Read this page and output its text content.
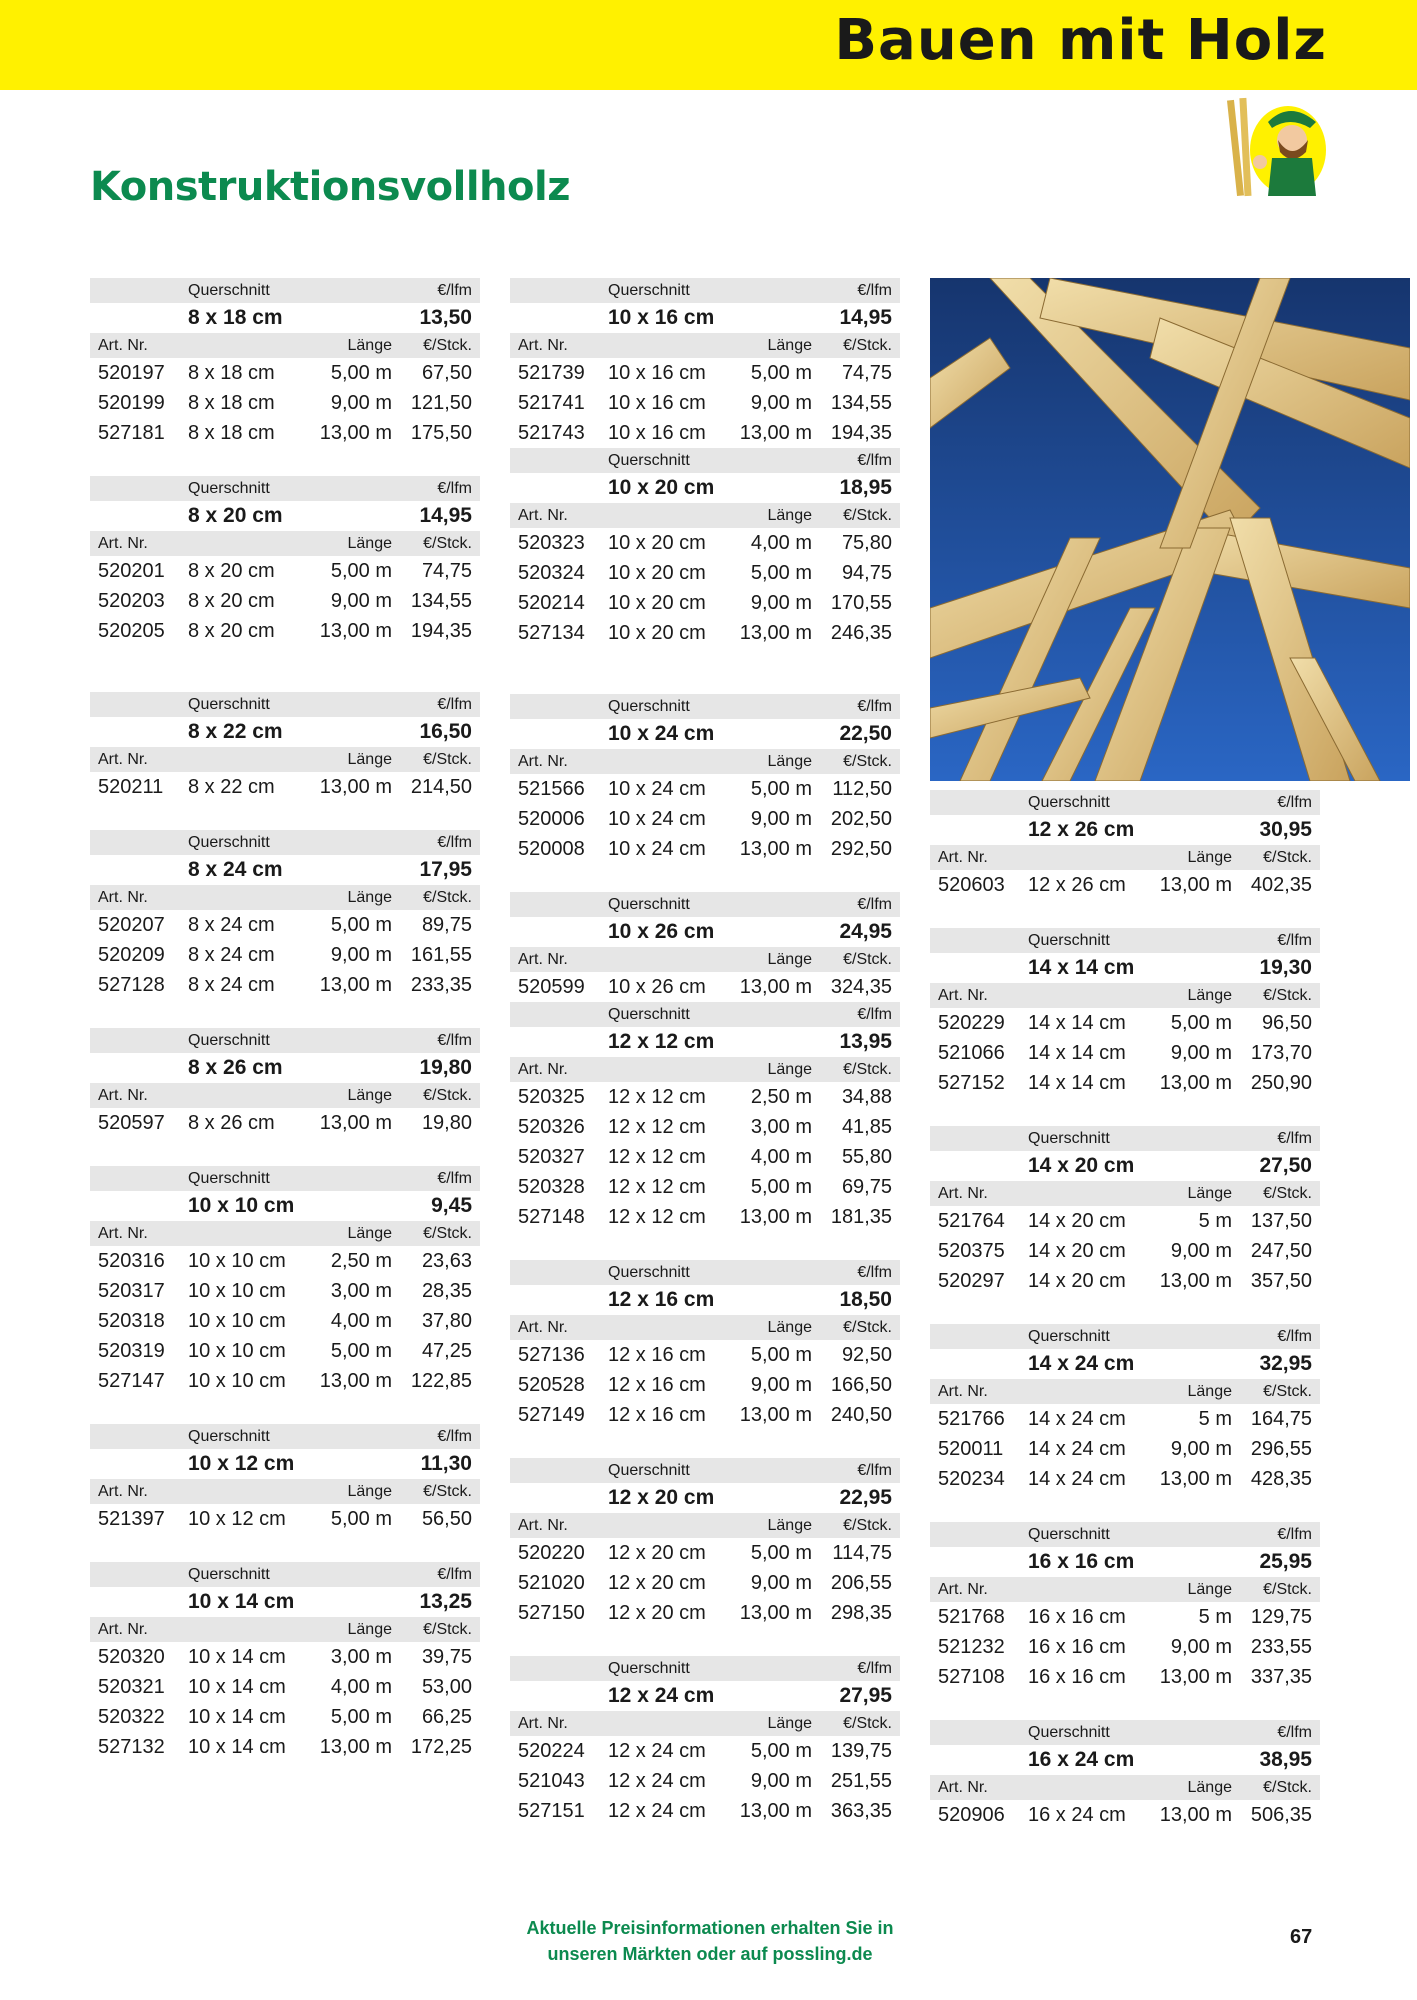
Bauen mit Holz
Konstruktionsvollholz
Querschnitt	€/lfm
8 x 18 cm	13,50
Art. Nr.	Länge €/Stck.
520197 8 x 18 cm	5,00 m 67,50
520199 8 x 18 cm	9,00 m 121,50
527181 8 x 18 cm 13,00 m 175,50
Querschnitt	€/lfm
8 x 20 cm	14,95
Art. Nr.	Länge €/Stck.
520201 8 x 20 cm	5,00 m 74,75
520203 8 x 20 cm	9,00 m 134,55
520205 8 x 20 cm 13,00 m 194,35
Querschnitt	€/lfm
8 x 22 cm	16,50
Art. Nr.	Länge €/Stck.
520211 8 x 22 cm 13,00 m 214,50
Querschnitt	€/lfm
8 x 24 cm	17,95
Art. Nr.	Länge €/Stck.
520207 8 x 24 cm	5,00 m 89,75
520209 8 x 24 cm	9,00 m 161,55
527128 8 x 24 cm 13,00 m 233,35
Querschnitt	€/lfm
8 x 26 cm	19,80
Art. Nr.	Länge €/Stck.
520597 8 x 26 cm 13,00 m 19,80
Querschnitt	€/lfm
10 x 10 cm	9,45
Art. Nr.	Länge €/Stck.
520316 10 x 10 cm 2,50 m 23,63
520317 10 x 10 cm 3,00 m 28,35
520318 10 x 10 cm 4,00 m 37,80
520319 10 x 10 cm 5,00 m 47,25
527147 10 x 10 cm 13,00 m 122,85
Querschnitt	€/lfm
10 x 12 cm	11,30
Art. Nr.	Länge €/Stck.
521397 10 x 12 cm 5,00 m 56,50
Querschnitt	€/lfm
10 x 14 cm	13,25
Art. Nr.	Länge €/Stck.
520320 10 x 14 cm 3,00 m 39,75
520321 10 x 14 cm 4,00 m 53,00
520322 10 x 14 cm 5,00 m 66,25
527132 10 x 14 cm 13,00 m 172,25
Querschnitt	€/lfm
10 x 16 cm	14,95
Art. Nr.	Länge €/Stck.
521739 10 x 16 cm 5,00 m 74,75
521741 10 x 16 cm 9,00 m 134,55
521743 10 x 16 cm 13,00 m 194,35
Querschnitt	€/lfm
10 x 20 cm	18,95
Art. Nr.	Länge €/Stck.
520323 10 x 20 cm 4,00 m 75,80
520324 10 x 20 cm 5,00 m 94,75
520214 10 x 20 cm 9,00 m 170,55
527134 10 x 20 cm 13,00 m 246,35
Querschnitt	€/lfm
10 x 24 cm	22,50
Art. Nr.	Länge €/Stck.
521566 10 x 24 cm 5,00 m 112,50
520006 10 x 24 cm 9,00 m 202,50
520008 10 x 24 cm 13,00 m 292,50
Querschnitt	€/lfm
10 x 26 cm	24,95
Art. Nr.	Länge €/Stck.
520599 10 x 26 cm 13,00 m 324,35
Querschnitt	€/lfm
12 x 12 cm	13,95
Art. Nr.	Länge €/Stck.
520325 12 x 12 cm 2,50 m 34,88
520326 12 x 12 cm 3,00 m 41,85
520327 12 x 12 cm 4,00 m 55,80
520328 12 x 12 cm 5,00 m 69,75
527148 12 x 12 cm 13,00 m 181,35
Querschnitt	€/lfm
12 x 16 cm	18,50
Art. Nr.	Länge €/Stck.
527136 12 x 16 cm 5,00 m 92,50
520528 12 x 16 cm 9,00 m 166,50
527149 12 x 16 cm 13,00 m 240,50
Querschnitt	€/lfm
12 x 20 cm	22,95
Art. Nr.	Länge €/Stck.
520220 12 x 20 cm 5,00 m 114,75
521020 12 x 20 cm 9,00 m 206,55
527150 12 x 20 cm 13,00 m 298,35
Querschnitt	€/lfm
12 x 24 cm	27,95
Art. Nr.	Länge €/Stck.
520224 12 x 24 cm 5,00 m 139,75
521043 12 x 24 cm 9,00 m 251,55
527151 12 x 24 cm 13,00 m 363,35
Querschnitt	€/lfm
12 x 26 cm	30,95
Art. Nr.	Länge €/Stck.
520603 12 x 26 cm 13,00 m 402,35
Querschnitt	€/lfm
14 x 14 cm	19,30
Art. Nr.	Länge €/Stck.
520229 14 x 14 cm 5,00 m 96,50
521066 14 x 14 cm 9,00 m 173,70
527152 14 x 14 cm 13,00 m 250,90
Querschnitt	€/lfm
14 x 20 cm	27,50
Art. Nr.	Länge €/Stck.
521764 14 x 20 cm	5 m 137,50
520375 14 x 20 cm 9,00 m 247,50
520297 14 x 20 cm 13,00 m 357,50
Querschnitt	€/lfm
14 x 24 cm	32,95
Art. Nr.	Länge €/Stck.
521766 14 x 24 cm	5 m 164,75
520011 14 x 24 cm 9,00 m 296,55
520234 14 x 24 cm 13,00 m 428,35
Querschnitt	€/lfm
16 x 16 cm	25,95
Art. Nr.	Länge €/Stck.
521768 16 x 16 cm	5 m 129,75
521232 16 x 16 cm 9,00 m 233,55
527108 16 x 16 cm 13,00 m 337,35
Querschnitt	€/lfm
16 x 24 cm	38,95
Art. Nr.	Länge €/Stck.
520906 16 x 24 cm 13,00 m 506,35
Aktuelle Preisinformationen erhalten Sie in
unseren Märkten oder auf possling.de
67
